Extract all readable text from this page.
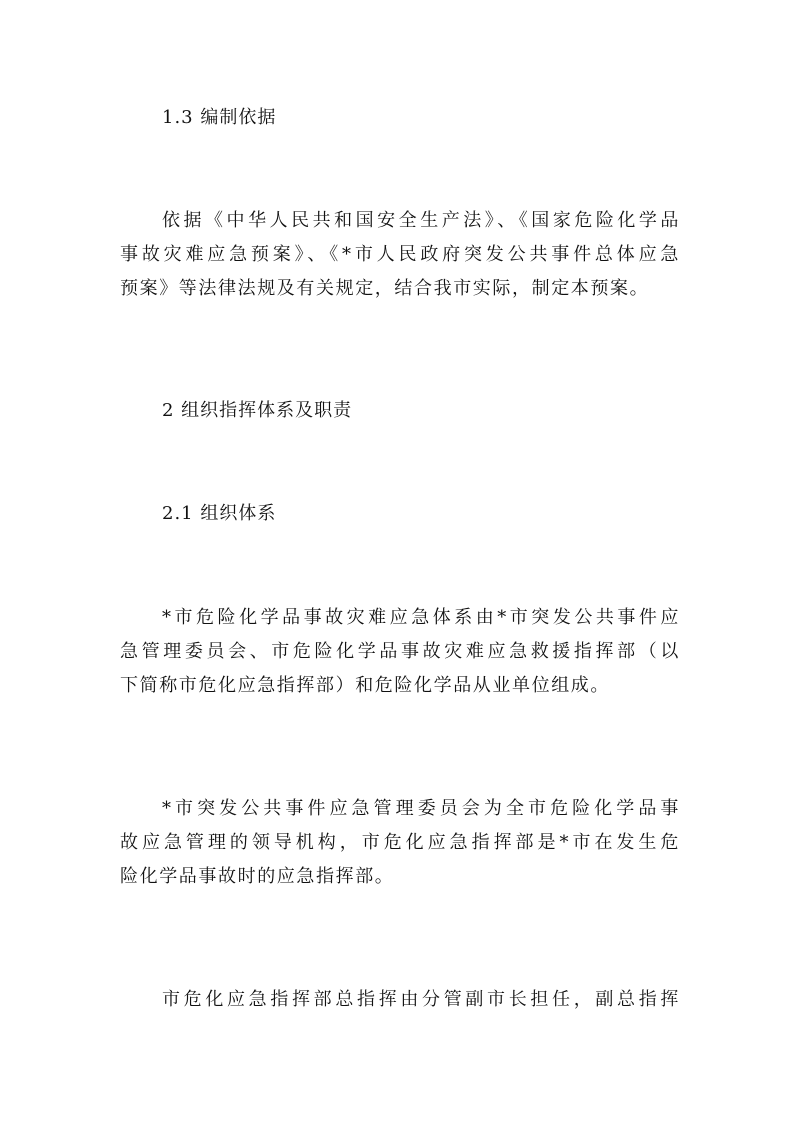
1.3 编制依据
依据《中华人民共和国安全生产法》、《国家危险化学品
事故灾难应急预案》、《*市人民政府突发公共事件总体应急
预案》等法律法规及有关规定，结合我市实际，制定本预案。
2 组织指挥体系及职责
2.1 组织体系
*市危险化学品事故灾难应急体系由*市突发公共事件应
急管理委员会、市危险化学品事故灾难应急救援指挥部（以
下简称市危化应急指挥部）和危险化学品从业单位组成。
*市突发公共事件应急管理委员会为全市危险化学品事
故应急管理的领导机构，市危化应急指挥部是*市在发生危
险化学品事故时的应急指挥部。
市危化应急指挥部总指挥由分管副市长担任，副总指挥
